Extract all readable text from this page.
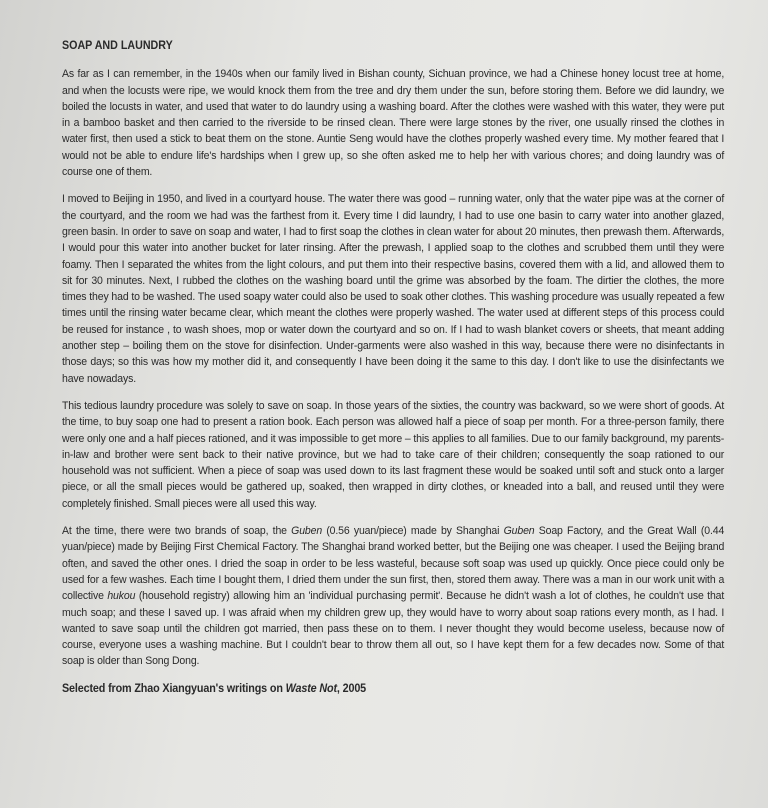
SOAP AND LAUNDRY

As far as I can remember, in the 1940s when our family lived in Bishan county, Sichuan province, we had a Chinese honey locust tree at home, and when the locusts were ripe, we would knock them from the tree and dry them under the sun, before storing them. Before we did laundry, we boiled the locusts in water, and used that water to do laundry using a washing board. After the clothes were washed with this water, they were put in a bamboo basket and then carried to the riverside to be rinsed clean. There were large stones by the river, one usually rinsed the clothes in water first, then used a stick to beat them on the stone. Auntie Seng would have the clothes properly washed every time. My mother feared that I would not be able to endure life's hardships when I grew up, so she often asked me to help her with various chores; and doing laundry was of course one of them.

I moved to Beijing in 1950, and lived in a courtyard house. The water there was good – running water, only that the water pipe was at the corner of the courtyard, and the room we had was the farthest from it. Every time I did laundry, I had to use one basin to carry water into another glazed, green basin. In order to save on soap and water, I had to first soap the clothes in clean water for about 20 minutes, then prewash them. Afterwards, I would pour this water into another bucket for later rinsing. After the prewash, I applied soap to the clothes and scrubbed them until they were foamy. Then I separated the whites from the light colours, and put them into their respective basins, covered them with a lid, and allowed them to sit for 30 minutes. Next, I rubbed the clothes on the washing board until the grime was absorbed by the foam. The dirtier the clothes, the more times they had to be washed. The used soapy water could also be used to soak other clothes. This washing procedure was usually repeated a few times until the rinsing water became clear, which meant the clothes were properly washed. The water used at different steps of this process could be reused for instance , to wash shoes, mop or water down the courtyard and so on. If I had to wash blanket covers or sheets, that meant adding another step – boiling them on the stove for disinfection. Under-garments were also washed in this way, because there were no disinfectants in those days; so this was how my mother did it, and consequently I have been doing it the same to this day. I don't like to use the disinfectants we have nowadays.

This tedious laundry procedure was solely to save on soap. In those years of the sixties, the country was backward, so we were short of goods. At the time, to buy soap one had to present a ration book. Each person was allowed half a piece of soap per month. For a three-person family, there were only one and a half pieces rationed, and it was impossible to get more – this applies to all families. Due to our family background, my parents-in-law and brother were sent back to their native province, but we had to take care of their children; consequently the soap rationed to our household was not sufficient. When a piece of soap was used down to its last fragment these would be soaked until soft and stuck onto a larger piece, or all the small pieces would be gathered up, soaked, then wrapped in dirty clothes, or kneaded into a ball, and reused until they were completely finished. Small pieces were all used this way.

At the time, there were two brands of soap, the Guben (0.56 yuan/piece) made by Shanghai Guben Soap Factory, and the Great Wall (0.44 yuan/piece) made by Beijing First Chemical Factory. The Shanghai brand worked better, but the Beijing one was cheaper. I used the Beijing brand often, and saved the other ones. I dried the soap in order to be less wasteful, because soft soap was used up quickly. Once piece could only be used for a few washes. Each time I bought them, I dried them under the sun first, then, stored them away. There was a man in our work unit with a collective hukou (household registry) allowing him an 'individual purchasing permit'. Because he didn't wash a lot of clothes, he couldn't use that much soap; and these I saved up. I was afraid when my children grew up, they would have to worry about soap rations every month, as I had. I wanted to save soap until the children got married, then pass these on to them. I never thought they would become useless, because now of course, everyone uses a washing machine. But I couldn't bear to throw them all out, so I have kept them for a few decades now. Some of that soap is older than Song Dong.

Selected from Zhao Xiangyuan's writings on Waste Not, 2005
